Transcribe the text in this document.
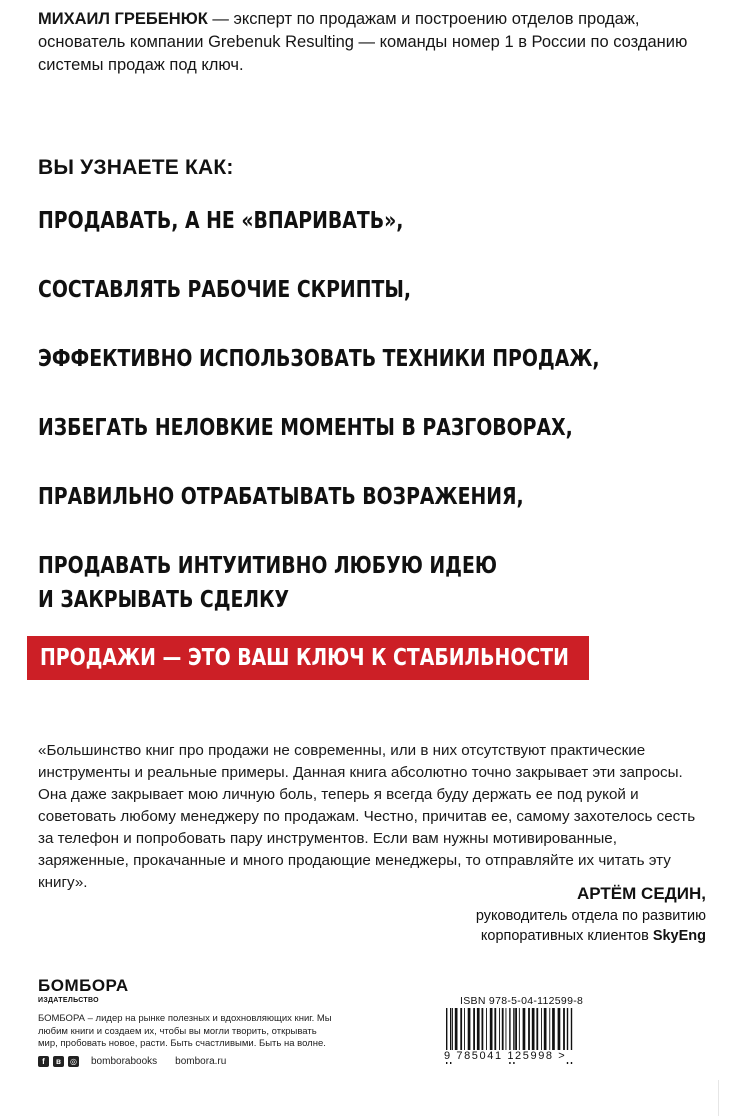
МИХАИЛ ГРЕБЕНЮК — эксперт по продажам и построению отделов продаж, основатель компании Grebenuk Resulting — команды номер 1 в России по созданию системы продаж под ключ.
ВЫ УЗНАЕТЕ КАК:
ПРОДАВАТЬ, А НЕ «ВПАРИВАТЬ»,
СОСТАВЛЯТЬ РАБОЧИЕ СКРИПТЫ,
ЭФФЕКТИВНО ИСПОЛЬЗОВАТЬ ТЕХНИКИ ПРОДАЖ,
ИЗБЕГАТЬ НЕЛОВКИЕ МОМЕНТЫ В РАЗГОВОРАХ,
ПРАВИЛЬНО ОТРАБАТЫВАТЬ ВОЗРАЖЕНИЯ,
ПРОДАВАТЬ ИНТУИТИВНО ЛЮБУЮ ИДЕЮ
И ЗАКРЫВАТЬ СДЕЛКУ
ПРОДАЖИ — ЭТО ВАШ КЛЮЧ К СТАБИЛЬНОСТИ
«Большинство книг про продажи не современны, или в них отсутствуют практические инструменты и реальные примеры. Данная книга абсолютно точно закрывает эти запросы. Она даже закрывает мою личную боль, теперь я всегда буду держать ее под рукой и советовать любому менеджеру по продажам. Честно, причитав ее, самому захотелось сесть за телефон и попробовать пару инструментов. Если вам нужны мотивированные, заряженные, прокачанные и много продающие менеджеры, то отправляйте их читать эту книгу».
АРТЁМ СЕДИН,
руководитель отдела по развитию
корпоративных клиентов SkyEng
БОМБОРА
ИЗДАТЕЛЬСТВО
БОМБОРА – лидер на рынке полезных и вдохновляющих книг. Мы любим книги и создаем их, чтобы вы могли творить, открывать мир, пробовать новое, расти. Быть счастливыми. Быть на волне.
f	в	◎ bomborabooks bombora.ru
ISBN 978-5-04-112599-8
9 785041 125998 >
